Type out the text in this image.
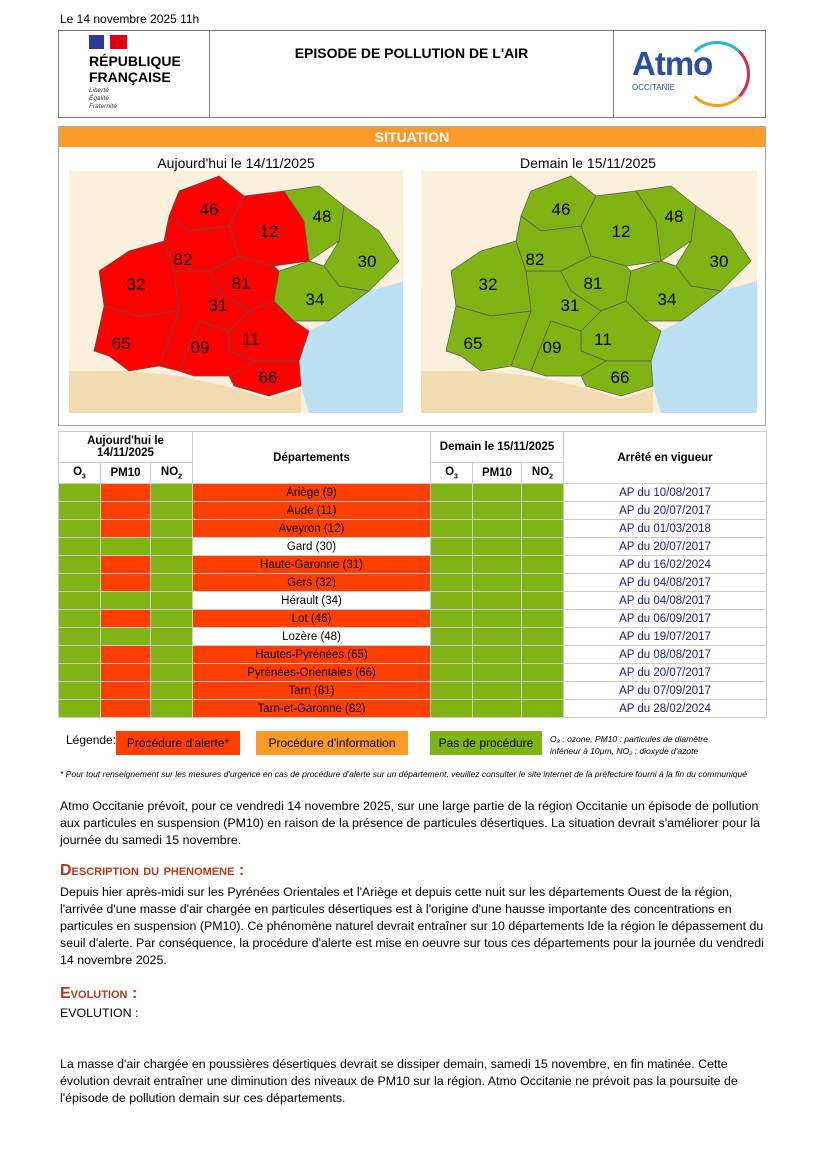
Le 14 novembre 2025 11h
RÉPUBLIQUE
FRANÇAISE
Liberté
Égalité
Fraternité
EPISODE DE POLLUTION DE L'AIR	Atmo
OCCITANIE
SITUATION
Aujourd'hui le 14/11/2025	Demain le 15/11/2025
11
12
30
31
32
34
46	48
65
66
81
82
09	11
12
30
31
32
34
46	48
65
66
81
82
09
Aujourd'hui le 14/11/2025			Départements	Demain le 15/11/2025			Arrêté en vigueur
$O_3$	PM10	$NO_2$		$O_3$	PM10	$NO_2$
			Ariège (9)				AP du 10/08/2017
			Aude (11)				AP du 20/07/2017
			Aveyron (12)				AP du 01/03/2018
			Gard (30)				AP du 20/07/2017
			Haute-Garonne (31)				AP du 16/02/2024
			Gers (32)				AP du 04/08/2017
			Hérault (34)				AP du 04/08/2017
			Lot (46)				AP du 06/09/2017
			Lozère (48)				AP du 19/07/2017
			Hautes-Pyrénées (65)				AP du 08/08/2017
			Pyrénées-Orientales (66)				AP du 20/07/2017
			Tarn (81)				AP du 07/09/2017
			Tarn-et-Garonne (82)				AP du 28/02/2024
Légende: Procédure d'alerte*	Procédure d'information	Pas de procédure	O₃ : ozone, PM10 : particules de diamètre
inférieur à 10µm, NO₂ : dioxyde d'azote
* Pour tout renseignement sur les mesures d'urgence en cas de procédure d'alerte sur un département, veuillez consulter le site internet de la préfecture fourni à la fin du communiqué
Atmo Occitanie prévoit, pour ce vendredi 14 novembre 2025, sur une large partie de la région Occitanie un épisode de pollution aux particules en suspension (PM10) en raison de la présence de particules désertiques. La situation devrait s'améliorer pour la journée du samedi 15 novembre.
Description du phenomene :
Depuis hier après-midi sur les Pyrénées Orientales et l'Ariège et depuis cette nuit sur les départements Ouest de la région, l'arrivée d'une masse d'air chargée en particules désertiques est à l'origine d'une hausse importante des concentrations en particules en suspension (PM10). Ce phénomène naturel devrait entraîner sur 10 départements lde la région le dépassement du seuil d'alerte. Par conséquence, la procédure d'alerte est mise en oeuvre sur tous ces départements pour la journée du vendredi 14 novembre 2025.
Evolution :
EVOLUTION :
La masse d'air chargée en poussières désertiques devrait se dissiper demain, samedi 15 novembre, en fin matinée. Cette évolution devrait entraîner une diminution des niveaux de PM10 sur la région. Atmo Occitanie ne prévoit pas la poursuite de l'épisode de pollution demain sur ces départements.
